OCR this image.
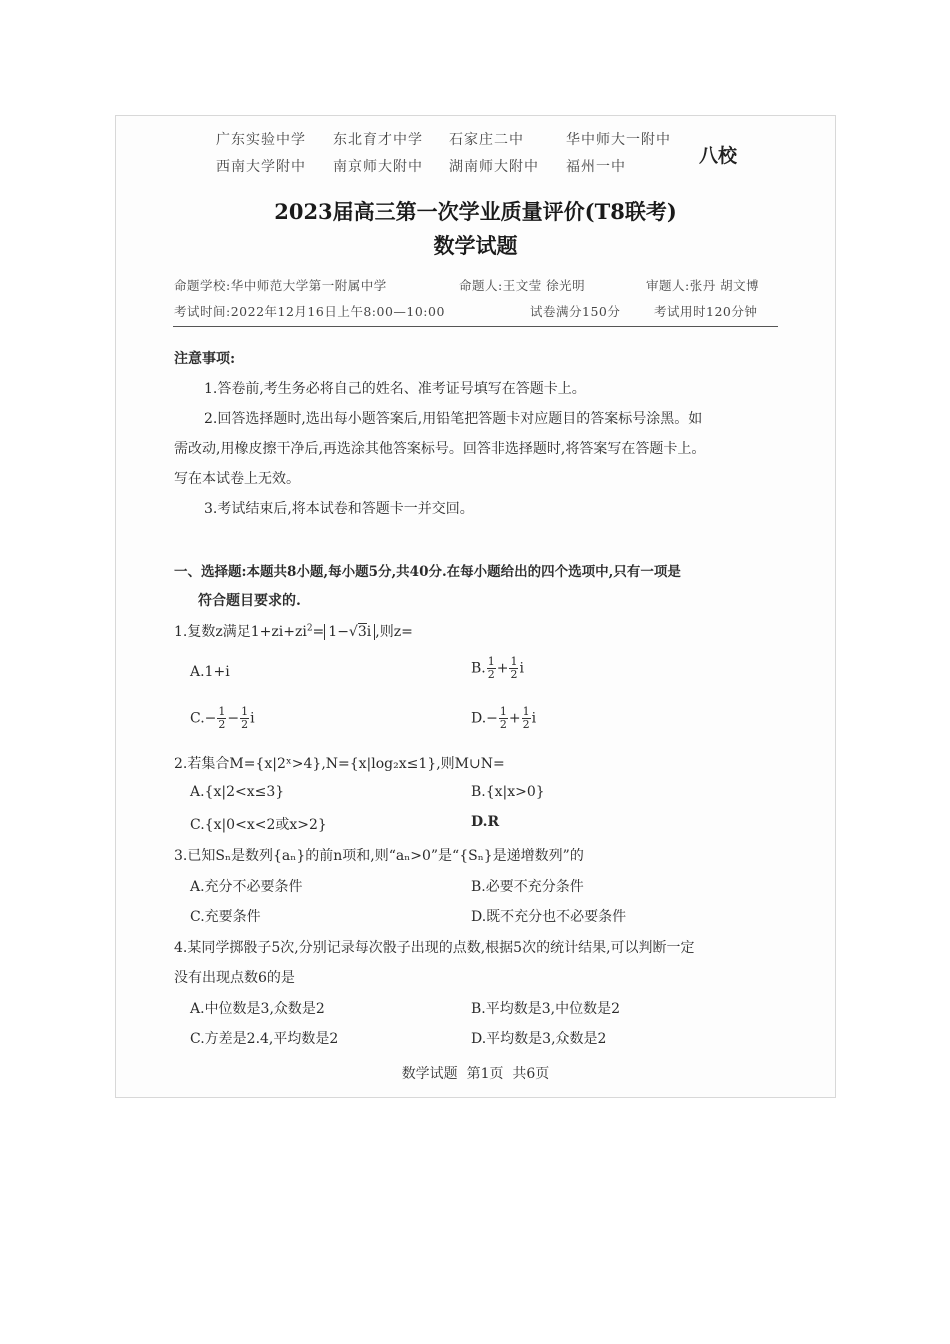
广东实验中学 东北育才中学 石家庄二中	华中师大一附中
西南大学附中 南京师大附中 湖南师大附中 福州一中	八校
2023届高三第一次学业质量评价(T8联考)
数学试题
命题学校:华中师范大学第一附属中学	命题人:王文莹 徐光明	审题人:张丹 胡文博
考试时间:2022年12月16日上午8:00—10:00	试卷满分150分	考试用时120分钟
注意事项:
1.答卷前,考生务必将自己的姓名、准考证号填写在答题卡上。
2.回答选择题时,选出每小题答案后,用铅笔把答题卡对应题目的答案标号涂黑。如
需改动,用橡皮擦干净后,再选涂其他答案标号。回答非选择题时,将答案写在答题卡上。
写在本试卷上无效。
3.考试结束后,将本试卷和答题卡一并交回。
一、选择题:本题共8小题,每小题5分,共40分.在每小题给出的四个选项中,只有一项是
符合题目要求的.
1.复数z满足$1+zi+zi^2= 1-√3i$ ,则z=
A.1+i	B. $\frac{1}{2} + \frac{1}{2}$ i
$C.- \frac{1}{2} - \frac{1}{2}$ i	$D.- \frac{1}{2} + \frac{1}{2}$ i
2.若集合M={x|2ˣ>4},N={x|log₂x≤1},则M∪N=
A.{x|2<x≤3}	B.{x|x>0}
C.{x|0<x<2或x>2}	D.R
3.已知Sₙ是数列{aₙ}的前n项和,则“aₙ>0”是“{Sₙ}是递增数列”的
A.充分不必要条件	B.必要不充分条件
C.充要条件	D.既不充分也不必要条件
4.某同学掷骰子5次,分别记录每次骰子出现的点数,根据5次的统计结果,可以判断一定
没有出现点数6的是
A.中位数是3,众数是2	B.平均数是3,中位数是2
C.方差是2.4,平均数是2	D.平均数是3,众数是2
数学试题  第1页  共6页
